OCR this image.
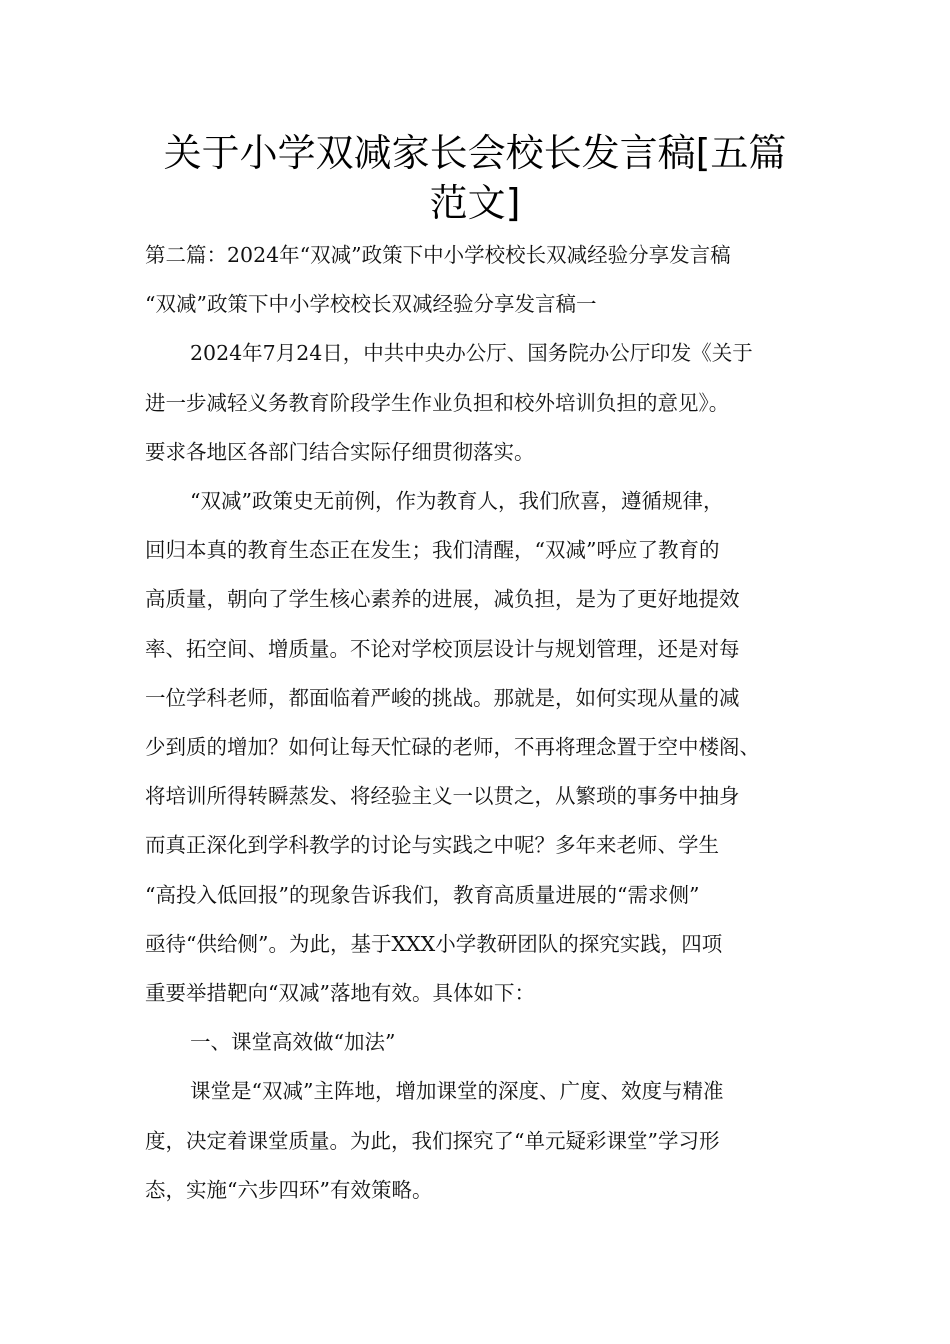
关于小学双减家长会校长发言稿[五篇
范文]

第二篇：2024年“双减”政策下中小学校校长双减经验分享发言稿

“双减”政策下中小学校校长双减经验分享发言稿一

2024年7月24日，中共中央办公厅、国务院办公厅印发《关于

进一步减轻义务教育阶段学生作业负担和校外培训负担的意见》。

要求各地区各部门结合实际仔细贯彻落实。

“双减”政策史无前例，作为教育人，我们欣喜，遵循规律，

回归本真的教育生态正在发生；我们清醒，“双减”呼应了教育的

高质量，朝向了学生核心素养的进展，减负担，是为了更好地提效

率、拓空间、增质量。不论对学校顶层设计与规划管理，还是对每

一位学科老师，都面临着严峻的挑战。那就是，如何实现从量的减

少到质的增加？如何让每天忙碌的老师，不再将理念置于空中楼阁、

将培训所得转瞬蒸发、将经验主义一以贯之，从繁琐的事务中抽身

而真正深化到学科教学的讨论与实践之中呢？多年来老师、学生

“高投入低回报”的现象告诉我们，教育高质量进展的“需求侧”

亟待“供给侧”。为此，基于XXX小学教研团队的探究实践，四项

重要举措靶向“双减”落地有效。具体如下：

一、课堂高效做“加法”

课堂是“双减”主阵地，增加课堂的深度、广度、效度与精准

度，决定着课堂质量。为此，我们探究了“单元疑彩课堂”学习形

态，实施“六步四环”有效策略。
